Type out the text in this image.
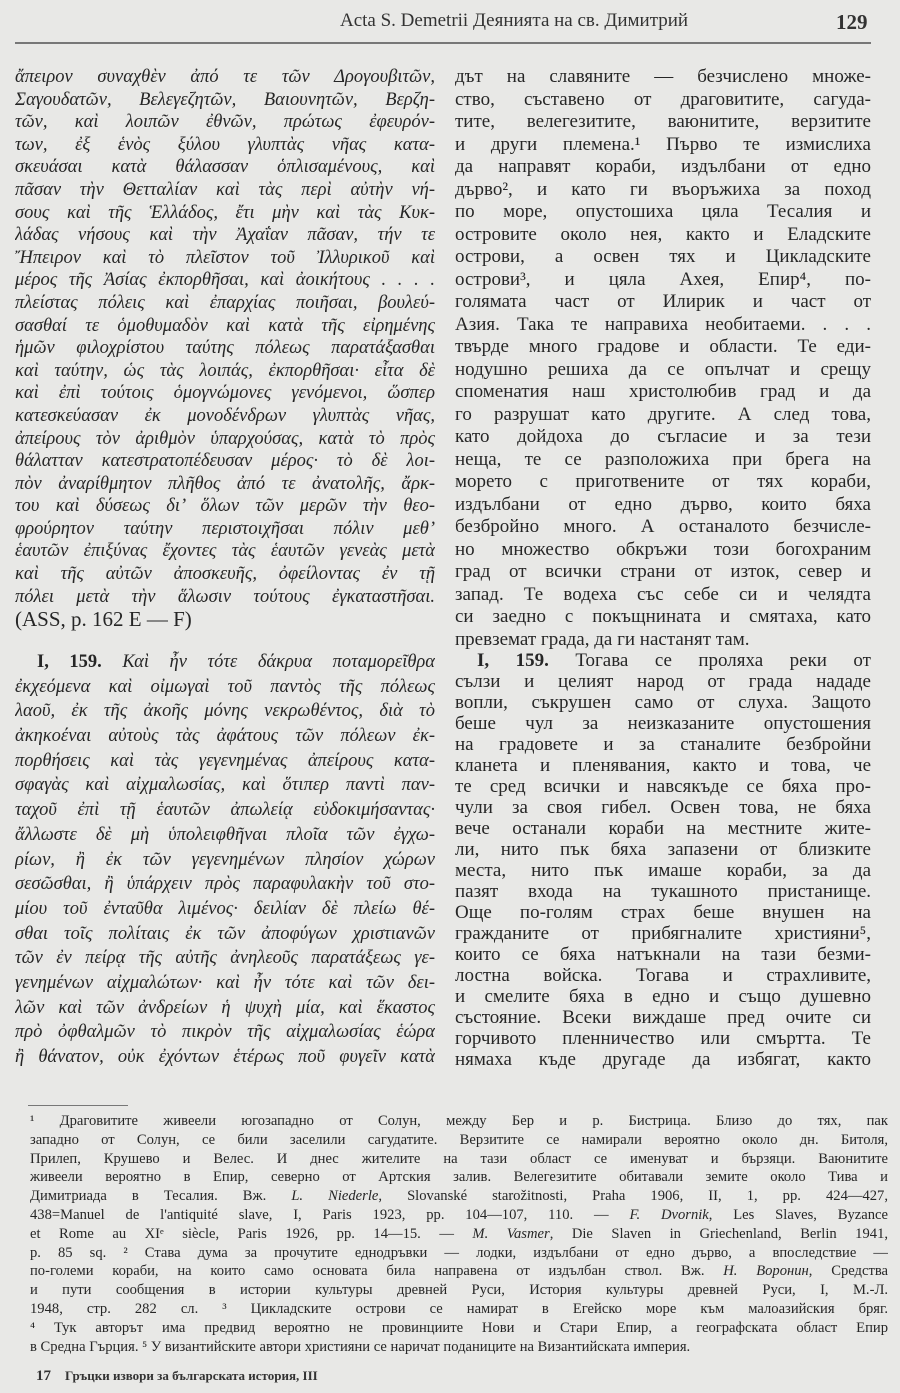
Acta S. Demetrii Деянията на св. Димитрий	129
ἄπειρον συναχθὲν ἀπό τε τῶν Δρογουβιτῶν,
Σαγουδατῶν, Βελεγεζητῶν, Βαιουνητῶν, Βερζη-
τῶν, καὶ λοιπῶν ἐθνῶν, πρώτως ἐφευρόν-
των, ἐξ ἑνὸς ξύλου γλυπτὰς νῆας κατα-
σκευάσαι κατὰ θάλασσαν ὁπλισαμένους, καὶ
πᾶσαν τὴν Θετταλίαν καὶ τὰς περὶ αὐτὴν νή-
σους καὶ τῆς Ἑλλάδος, ἔτι μὴν καὶ τὰς Κυκ-
λάδας νήσους καὶ τὴν Ἀχαΐαν πᾶσαν, τήν τε
Ἤπειρον καὶ τὸ πλεῖστον τοῦ Ἰλλυρικοῦ καὶ
μέρος τῆς Ἀσίας ἐκπορθῆσαι, καὶ ἀοικήτους . . . .
πλείστας πόλεις καὶ ἐπαρχίας ποιῆσαι, βουλεύ-
σασθαί τε ὁμοθυμαδὸν καὶ κατὰ τῆς εἰρημένης
ἡμῶν φιλοχρίστου ταύτης πόλεως παρατάξασθαι
καὶ ταύτην, ὡς τὰς λοιπάς, ἐκπορθῆσαι· εἶτα δὲ
καὶ ἐπὶ τούτοις ὁμογνώμονες γενόμενοι, ὥσπερ
κατεσκεύασαν ἐκ μονοδένδρων γλυπτὰς νῆας,
ἀπείρους τὸν ἀριθμὸν ὑπαρχούσας, κατὰ τὸ πρὸς
θάλατταν κατεστρατοπέδευσαν μέρος· τὸ δὲ λοι-
πὸν ἀναρίθμητον πλῆθος ἀπό τε ἀνατολῆς, ἄρκ-
του καὶ δύσεως δι’ ὅλων τῶν μερῶν τὴν θεο-
φρούρητον ταύτην περιστοιχῆσαι πόλιν μεθ’
ἑαυτῶν ἐπιξύνας ἔχοντες τὰς ἑαυτῶν γενεὰς μετὰ
καὶ τῆς αὐτῶν ἀποσκευῆς, ὀφείλοντας ἐν τῇ
πόλει μετὰ τὴν ἅλωσιν τούτους ἐγκαταστῆσαι.
(ASS, p. 162 E — F)
дът на славяните — безчислено множе-
ство, съставено от драговитите, сагуда-
тите, велегезитите, ваюнитите, верзитите
и други племена.¹ Първо те измислиха
да направят кораби, издълбани от едно
дърво², и като ги въоръжиха за поход
по море, опустошиха цяла Тесалия и
островите около нея, както и Еладските
острови, а освен тях и Цикладските
острови³, и цяла Ахея, Епир⁴, по-
голямата част от Илирик и част от
Азия. Така те направиха необитаеми. . . .
твърде много градове и области. Те еди-
нодушно решиха да се опълчат и срещу
споменатия наш христолюбив град и да
го разрушат като другите. А след това,
като дойдоха до съгласие и за тези
неща, те се разположиха при брега на
морето с приготвените от тях кораби,
издълбани от едно дърво, които бяха
безбройно много. А останалото безчисле-
но множество обкръжи този богохраним
град от всички страни от изток, север и
запад. Те водеха със себе си и челядта
си заедно с покъщнината и смятаха, като
превземат града, да ги настанят там.
I, 159. Καὶ ἦν τότε δάκρυα ποταμορεῖθρα
ἐκχεόμενα καὶ οἰμωγαὶ τοῦ παντὸς τῆς πόλεως
λαοῦ, ἐκ τῆς ἀκοῆς μόνης νεκρωθέντος, διὰ τὸ
ἀκηκοέναι αὐτοὺς τὰς ἀφάτους τῶν πόλεων ἐκ-
πορθήσεις καὶ τὰς γεγενημένας ἀπείρους κατα-
σφαγὰς καὶ αἰχμαλωσίας, καὶ ὅτιπερ παντὶ παν-
ταχοῦ ἐπὶ τῇ ἑαυτῶν ἀπωλείᾳ εὐδοκιμήσαντας·
ἄλλωστε δὲ μὴ ὑπολειφθῆναι πλοῖα τῶν ἐγχω-
ρίων, ἢ ἐκ τῶν γεγενημένων πλησίον χώρων
σεσῶσθαι, ἢ ὑπάρχειν πρὸς παραφυλακὴν τοῦ στο-
μίου τοῦ ἐνταῦθα λιμένος· δειλίαν δὲ πλείω θέ-
σθαι τοῖς πολίταις ἐκ τῶν ἀποφύγων χριστιανῶν
τῶν ἐν πείρᾳ τῆς αὐτῆς ἀνηλεοῦς παρατάξεως γε-
γενημένων αἰχμαλώτων· καὶ ἦν τότε καὶ τῶν δει-
λῶν καὶ τῶν ἀνδρείων ἡ ψυχὴ μία, καὶ ἕκαστος
πρὸ ὀφθαλμῶν τὸ πικρὸν τῆς αἰχμαλωσίας ἑώρα
ἢ θάνατον, οὐκ ἐχόντων ἑτέρως ποῦ φυγεῖν κατὰ
I, 159. Тогава се проляха реки от
сълзи и целият народ от града нададе
вопли, съкрушен само от слуха. Защото
беше чул за неизказаните опустошения
на градовете и за станалите безбройни
кланета и пленявания, както и това, че
те сред всички и навсякъде се бяха про-
чули за своя гибел. Освен това, не бяха
вече останали кораби на местните жите-
ли, нито пък бяха запазени от близките
места, нито пък имаше кораби, за да
пазят входа на тукашното пристанище.
Още по-голям страх беше внушен на
гражданите от прибягналите християни⁵,
които се бяха натъкнали на тази безми-
лостна войска. Тогава и страхливите,
и смелите бяха в едно и също душевно
състояние. Всеки виждаше пред очите си
горчивото пленничество или смъртта. Те
нямаха къде другаде да избягат, както
¹ Драговитите живеели югозападно от Солун, между Бер и р. Бистрица. Близо до тях, пак
западно от Солун, се били заселили сагудатите. Верзитите се намирали вероятно около дн. Битоля,
Прилеп, Крушево и Велес. И днес жителите на тази област се именуват и бързяци. Ваюнитите
живеели вероятно в Епир, северно от Артския залив. Велегезитите обитавали земите около Тива и
Димитриада в Тесалия. Вж. L. Niederle, Slovanské starožitnosti, Praha 1906, II, 1, pp. 424—427,
438=Manuel de l'antiquité slave, I, Paris 1923, pp. 104—107, 110. — F. Dvornik, Les Slaves, Byzance
et Rome au XIᵉ siècle, Paris 1926, pp. 14—15. — M. Vasmer, Die Slaven in Griechenland, Berlin 1941,
p. 85 sq. ² Става дума за прочутите еднодръвки — лодки, издълбани от едно дърво, а впоследствие —
по-големи кораби, на които само основата била направена от издълбан ствол. Вж. Н. Воронин, Средства
и пути сообщения в истории культуры древней Руси, История культуры древней Руси, I, М.-Л.
1948, стр. 282 сл. ³ Цикладските острови се намират в Егейско море към малоазийския бряг.
⁴ Тук авторът има предвид вероятно не провинциите Нови и Стари Епир, а географската област Епир
в Средна Гърция. ⁵ У византийските автори християни се наричат поданиците на Византийската империя.
17 Гръцки извори за българската история, III
